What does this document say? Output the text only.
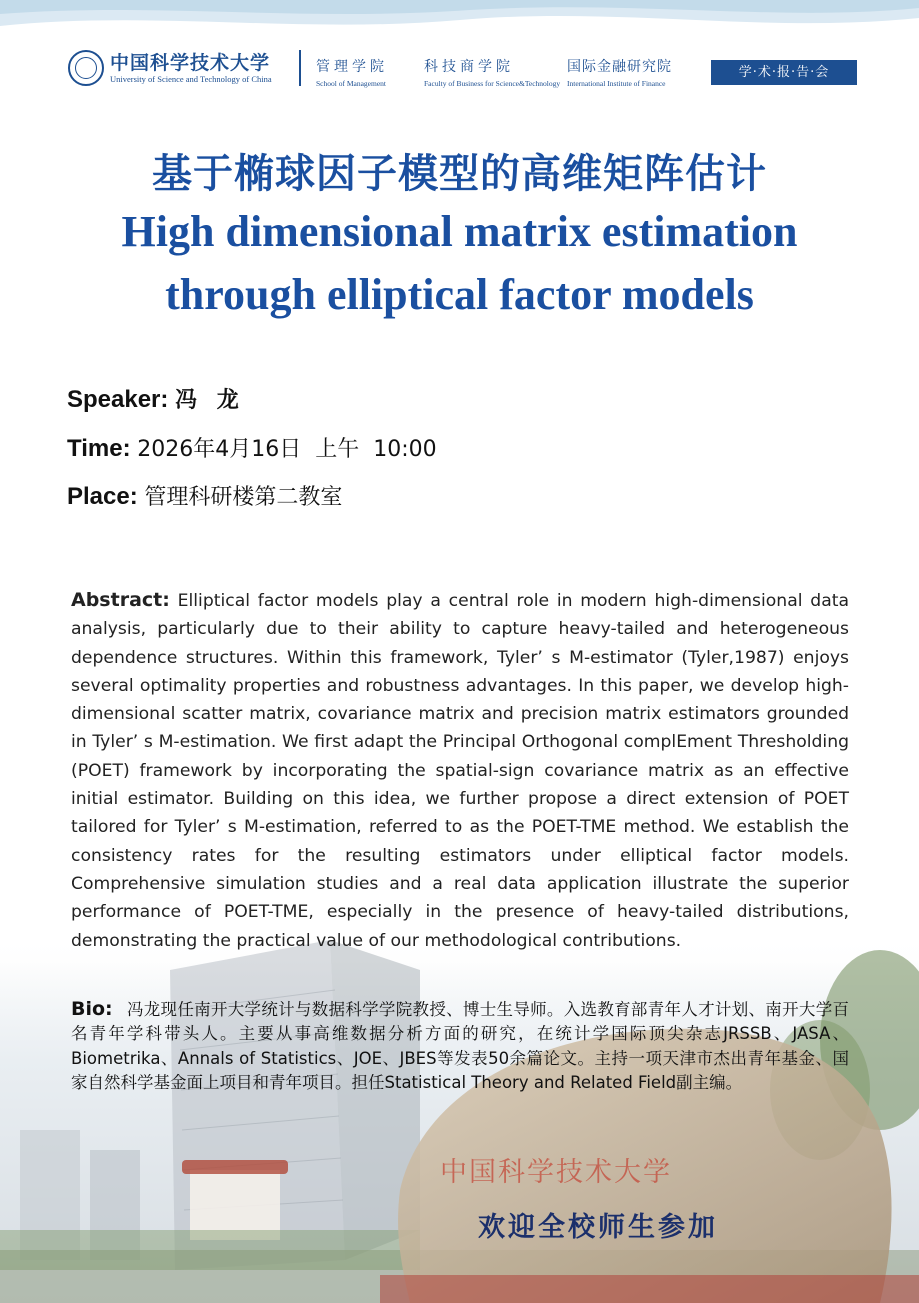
中国科学技术大学
University of Science and Technology of China
管理学院
School of Management
科技商学院
Faculty of Business for Science&Technology
国际金融研究院
International Institute of Finance
学·术·报·告·会
基于椭球因子模型的高维矩阵估计
High dimensional matrix estimation
through elliptical factor models
Speaker: 冯 龙
Time: 2026年4月16日  上午  10:00
Place: 管理科研楼第二教室
Abstract: Elliptical factor models play a central role in modern high-dimensional data analysis, particularly due to their ability to capture heavy-tailed and heterogeneous dependence structures. Within this framework, Tyler’ s M-estimator (Tyler,1987) enjoys several optimality properties and robustness advantages. In this paper, we develop high-dimensional scatter matrix, covariance matrix and precision matrix estimators grounded in Tyler’ s M-estimation. We first adapt the Principal Orthogonal complEment Thresholding (POET) framework by incorporating the spatial-sign covariance matrix as an effective initial estimator. Building on this idea, we further propose a direct extension of POET tailored for Tyler’ s M-estimation, referred to as the POET-TME method. We establish the consistency rates for the resulting estimators under elliptical factor models. Comprehensive simulation studies and a real data application illustrate the superior performance of POET-TME, especially in the presence of heavy-tailed distributions, demonstrating the practical value of our methodological contributions.
Bio: 冯龙现任南开大学统计与数据科学学院教授、博士生导师。入选教育部青年人才计划、南开大学百名青年学科带头人。主要从事高维数据分析方面的研究，在统计学国际顶尖杂志JRSSB、JASA、Biometrika、Annals of Statistics、JOE、JBES等发表50余篇论文。主持一项天津市杰出青年基金、国家自然科学基金面上项目和青年项目。担任Statistical Theory and Related Field副主编。
中国科学技术大学
欢迎全校师生参加
